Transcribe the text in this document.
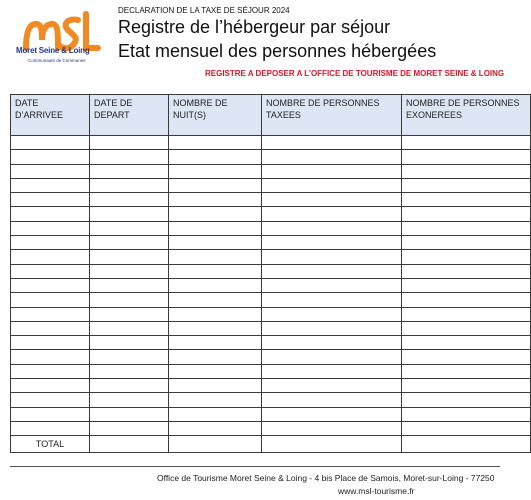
Moret Seine & Loing
Communauté de Communes
DECLARATION DE LA TAXE DE SÉJOUR 2024
Registre de l’hébergeur par séjour
Etat mensuel des personnes hébergées
REGISTRE A DEPOSER A L’OFFICE DE TOURISME DE MORET SEINE & LOING
DATE D’ARRIVEE	DATE DE DEPART	NOMBRE DE NUIT(S)	NOMBRE DE PERSONNES TAXEES	NOMBRE DE PERSONNES EXONEREES

TOTAL				
Office de Tourisme Moret Seine & Loing - 4 bis Place de Samois, Moret-sur-Loing - 77250
www.msl-tourisme.fr
